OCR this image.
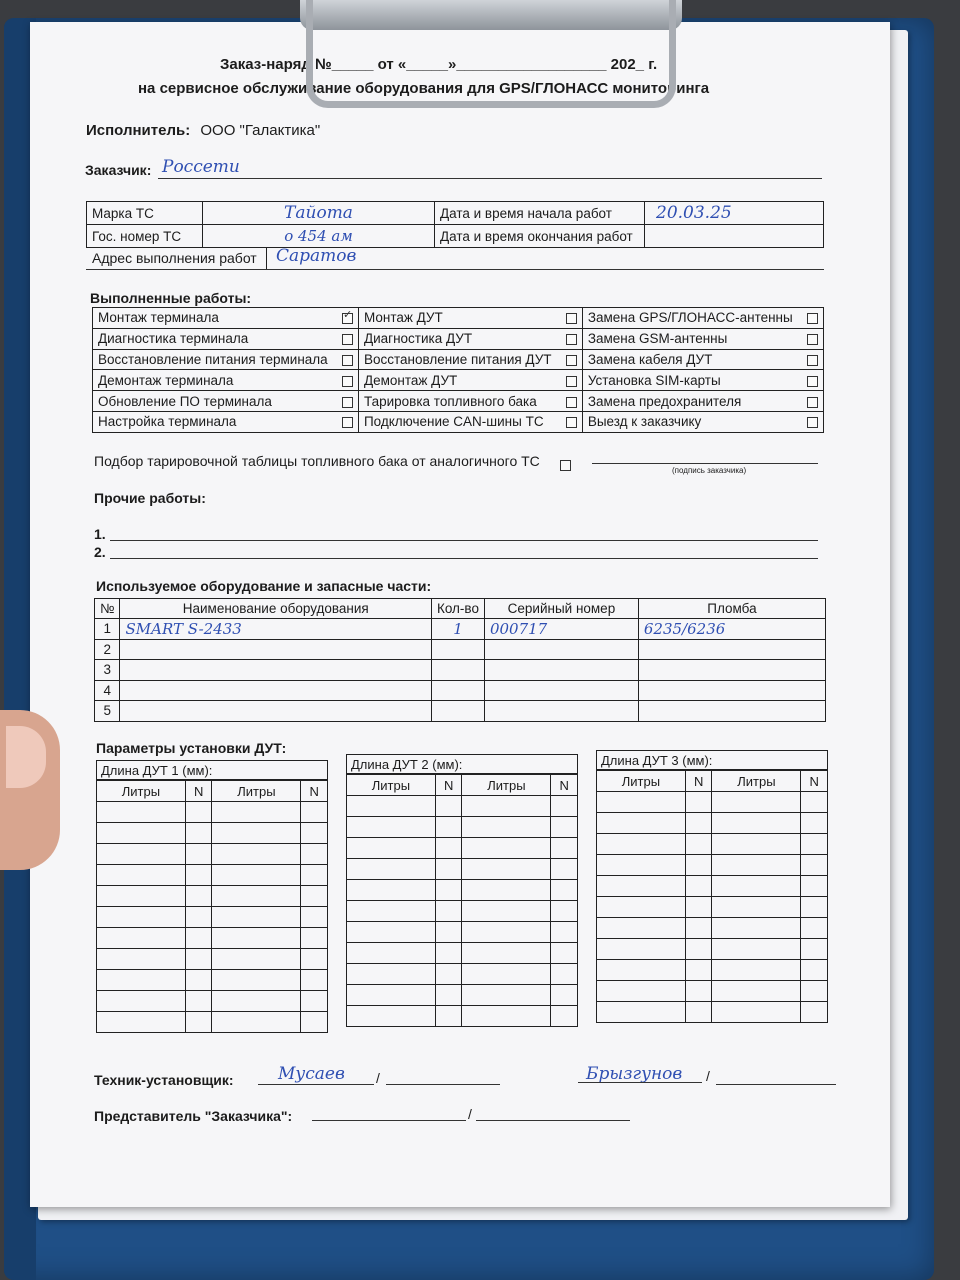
Заказ-наряд №_____ от «_____»__________________ 202_ г.
на сервисное обслуживание оборудования для GPS/ГЛОНАСС мониторинга
Исполнитель: ООО "Галактика"
Заказчик: Россети
Марка ТС	Тайота	Дата и время начала работ	20.03.25
Гос. номер ТС	о 454 ам	Дата и время окончания работ	
Адрес выполнения работ Саратов
Выполненные работы:
Монтаж терминала	✓	Монтаж ДУТ		Замена GPS/ГЛОНАСС-антенны	
Диагностика терминала		Диагностика ДУТ		Замена GSM-антенны	
Восстановление питания терминала		Восстановление питания ДУТ		Замена кабеля ДУТ	
Демонтаж терминала		Демонтаж ДУТ		Установка SIM-карты	
Обновление ПО терминала		Тарировка топливного бака		Замена предохранителя	
Настройка терминала		Подключение CAN-шины ТС		Выезд к заказчику	
Подбор тарировочной таблицы топливного бака от аналогичного ТС
(подпись заказчика)
Прочие работы:
1.
2.
Используемое оборудование и запасные части:
№	Наименование оборудования	Кол-во	Серийный номер	Пломба
1	SMART S-2433	1	000717	6235/6236
2				
3				
4				
5				
Параметры установки ДУТ:
Длина ДУТ 1 (мм):
Литры	N	Литры	N

Длина ДУТ 2 (мм):
Литры	N	Литры	N

Длина ДУТ 3 (мм):
Литры	N	Литры	N

Техник-установщик:	Мусаев /	Брызгунов /
Представитель "Заказчика":	/
